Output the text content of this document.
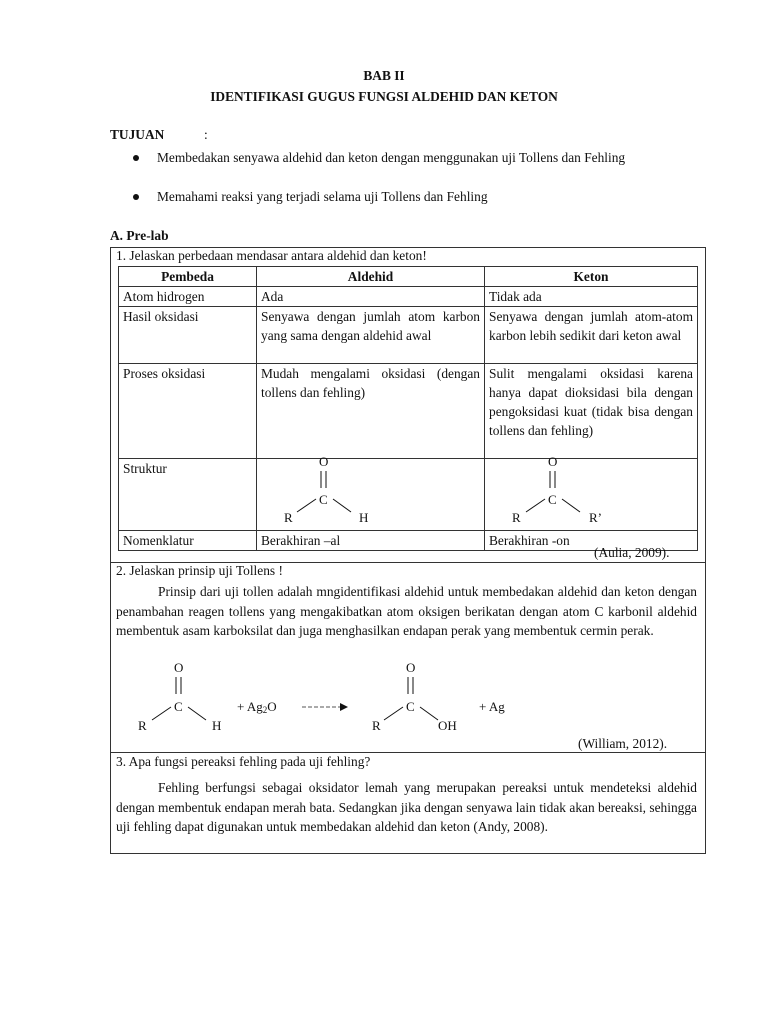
BAB II
IDENTIFIKASI GUGUS FUNGSI ALDEHID DAN KETON
TUJUAN	:
Membedakan senyawa aldehid dan keton dengan menggunakan uji Tollens dan Fehling
Memahami reaksi yang terjadi selama uji Tollens dan Fehling
A. Pre-lab
1. Jelaskan perbedaan mendasar antara aldehid dan keton!
Pembeda	Aldehid	Keton
Atom hidrogen	Ada	Tidak ada
Hasil oksidasi	Senyawa dengan jumlah atom karbon yang sama dengan aldehid awal	Senyawa dengan jumlah atom-atom karbon lebih sedikit dari keton awal
Proses oksidasi	Mudah mengalami oksidasi (dengan tollens dan fehling)	Sulit mengalami oksidasi karena hanya dapat dioksidasi bila dengan pengoksidasi kuat (tidak bisa dengan tollens dan fehling)
Struktur		
Nomenklatur	Berakhiran –al	Berakhiran -on
O
C
R	H
O
C
R	R’
O
C
R	H
+ Ag2O
O
C
R	OH
+ Ag
(Aulia, 2009).
2. Jelaskan prinsip uji Tollens !
Prinsip dari uji tollen adalah mngidentifikasi aldehid untuk membedakan aldehid dan keton dengan penambahan reagen tollens yang mengakibatkan atom oksigen berikatan dengan atom C karbonil aldehid membentuk asam karboksilat dan juga menghasilkan endapan perak yang membentuk cermin perak.
(William, 2012).
3. Apa fungsi pereaksi fehling pada uji fehling?
Fehling berfungsi sebagai oksidator lemah yang merupakan pereaksi untuk mendeteksi aldehid dengan membentuk endapan merah bata. Sedangkan jika dengan senyawa lain tidak akan bereaksi, sehingga uji fehling dapat digunakan untuk membedakan aldehid dan keton (Andy, 2008).
